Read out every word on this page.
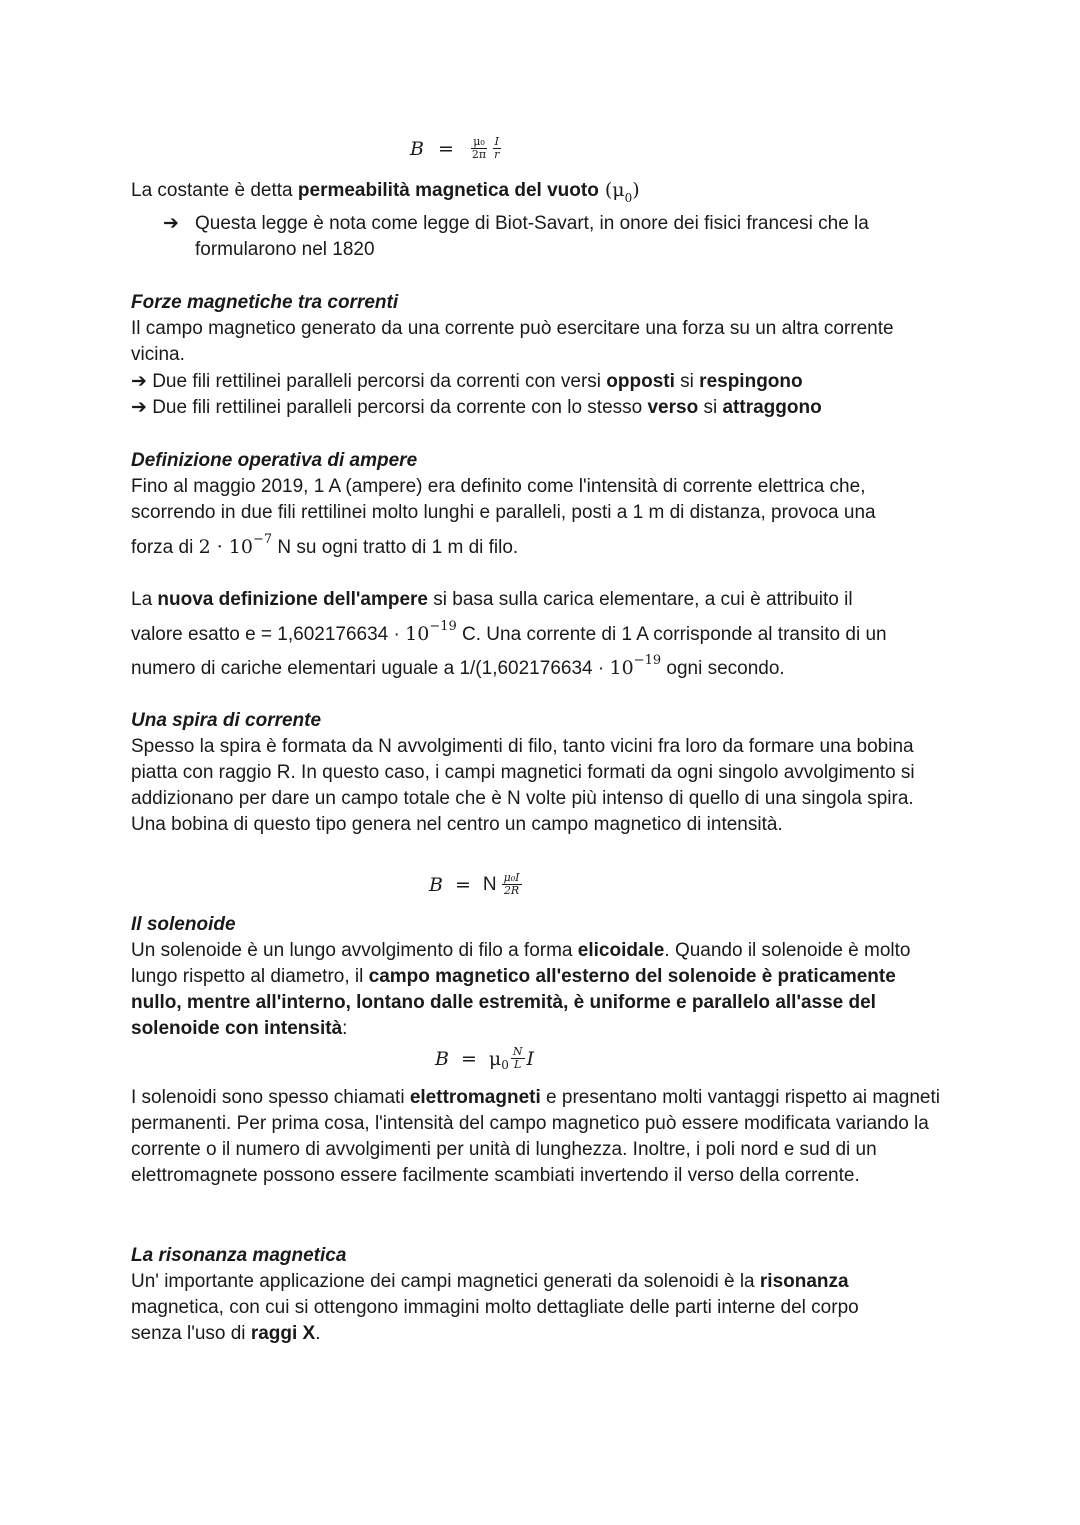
$B = \frac{\text{μ₀}}{2\pi} \frac{I}{r}$

La costante è detta permeabilità magnetica del vuoto $(\mu_0)$

➔ Questa legge è nota come legge di Biot-Savart, in onore dei fisici francesi che la formularono nel 1820

Forze magnetiche tra correnti

Il campo magnetico generato da una corrente può esercitare una forza su un altra corrente vicina.

➔ Due fili rettilinei paralleli percorsi da correnti con versi opposti si respingono

➔ Due fili rettilinei paralleli percorsi da corrente con lo stesso verso si attraggono

Definizione operativa di ampere

Fino al maggio 2019, 1 A (ampere) era definito come l'intensità di corrente elettrica che, scorrendo in due fili rettilinei molto lunghi e paralleli, posti a 1 m di distanza, provoca una

forza di $2 \cdot 10^{-7}$ N su ogni tratto di 1 m di filo.

La nuova definizione dell'ampere si basa sulla carica elementare, a cui è attribuito il

valore esatto $e = 1,602176634 \cdot 10^{-19}$ C. Una corrente di 1 A corrisponde al transito di un

numero di cariche elementari uguale a $1/(1,602176634 \cdot 10^{-19}$ ogni secondo.

Una spira di corrente

Spesso la spira è formata da N avvolgimenti di filo, tanto vicini fra loro da formare una bobina piatta con raggio R. In questo caso, i campi magnetici formati da ogni singolo avvolgimento si addizionano per dare un campo totale che è N volte più intenso di quello di una singola spira. Una bobina di questo tipo genera nel centro un campo magnetico di intensità.

B = N $\frac{\text{μ₀I}}{2R}$

Il solenoide

Un solenoide è un lungo avvolgimento di filo a forma elicoidale. Quando il solenoide è molto lungo rispetto al diametro, il campo magnetico all'esterno del solenoide è praticamente nullo, mentre all'interno, lontano dalle estremità, è uniforme e parallelo all'asse del solenoide con intensità:

B = μ $0 \frac{N}{L}$ I

I solenoidi sono spesso chiamati elettromagneti e presentano molti vantaggi rispetto ai magneti permanenti. Per prima cosa, l'intensità del campo magnetico può essere modificata variando la corrente o il numero di avvolgimenti per unità di lunghezza. Inoltre, i poli nord e sud di un elettromagnete possono essere facilmente scambiati invertendo il verso della corrente.

La risonanza magnetica

Un' importante applicazione dei campi magnetici generati da solenoidi è la risonanza magnetica, con cui si ottengono immagini molto dettagliate delle parti interne del corpo senza l'uso di raggi X.
